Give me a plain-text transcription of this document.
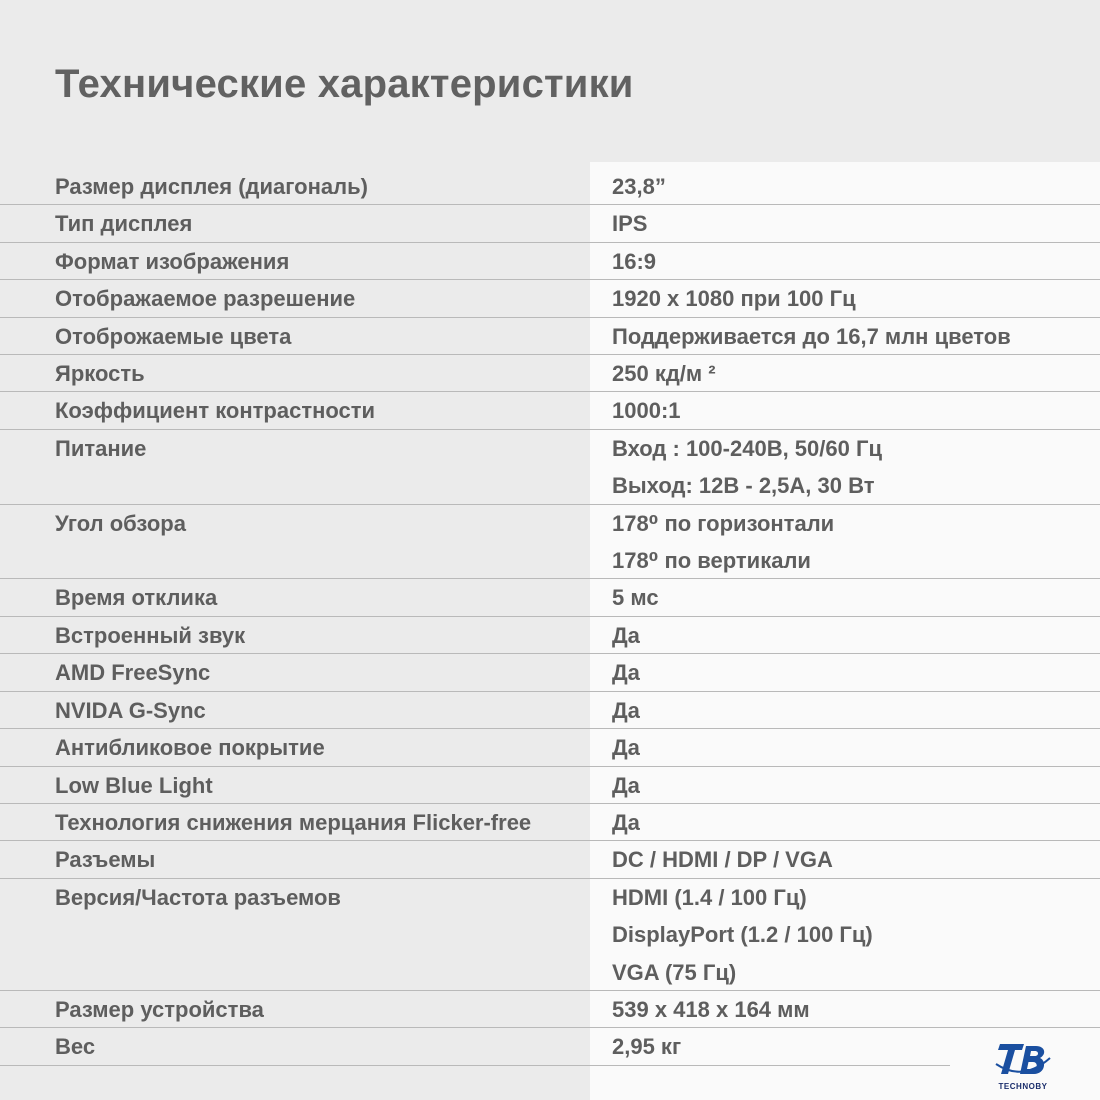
Технические характеристики
Размер дисплея (диагональ)	23,8”
Тип дисплея	IPS
Формат изображения	16:9
Отображаемое разрешение	1920 x 1080 при 100 Гц
Отоброжаемые цвета	Поддерживается до 16,7 млн цветов
Яркость	250 кд/м ²
Коэффициент контрастности	1000:1
Питание	Вход : 100-240В, 50/60 Гц
Выход: 12В - 2,5А, 30 Вт
Угол обзора	178⁰ по горизонтали
178⁰ по вертикали
Время отклика	5 мс
Встроенный звук	Да
AMD FreeSync	Да
NVIDA G-Sync	Да
Антибликовое покрытие	Да
Low Blue Light	Да
Технология снижения мерцания Flicker-free	Да
Разъемы	DC / HDMI / DP / VGA
Версия/Частота разъемов	HDMI (1.4 / 100 Гц)
DisplayPort (1.2 / 100 Гц)
VGA (75 Гц)
Размер устройства	539 x 418 x 164 мм
Вес	2,95 кг
TECHNOBY
